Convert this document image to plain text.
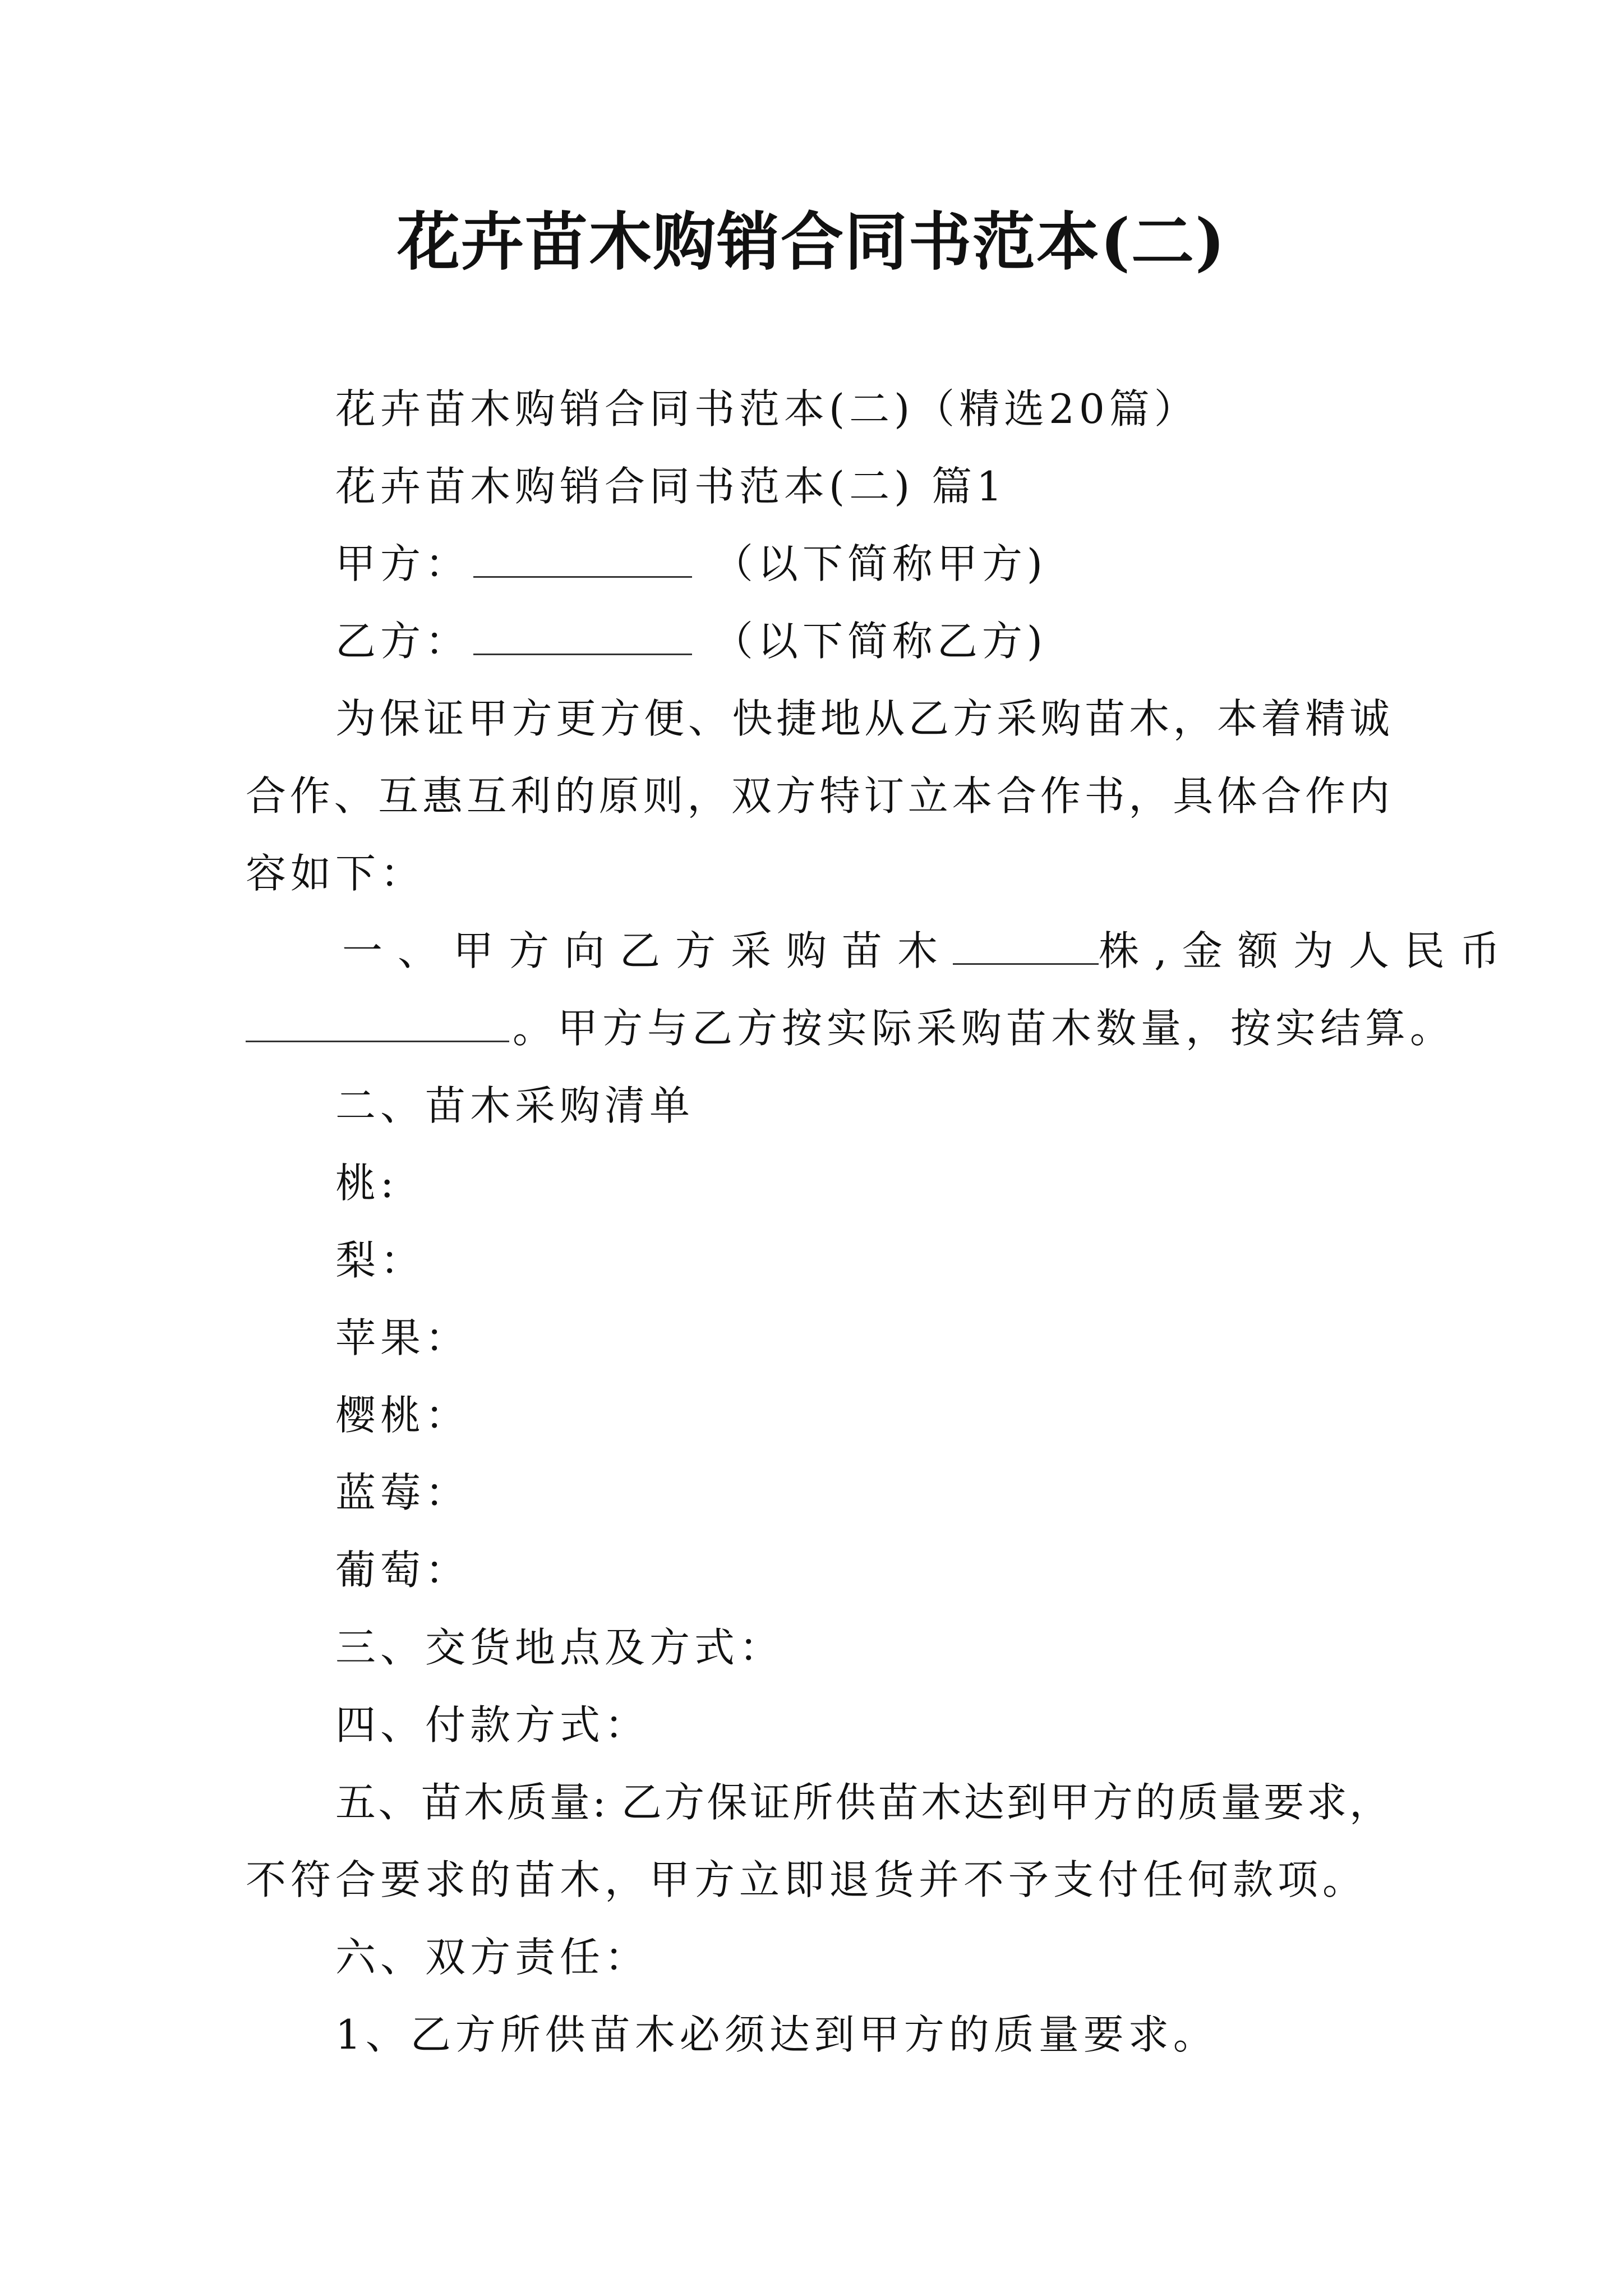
花卉苗木购销合同书范本(二)
花卉苗木购销合同书范本(二)（精选20篇）
花卉苗木购销合同书范本(二) 篇1
甲方：	（以下简称甲方)
乙方：	（以下简称乙方)
为保证甲方更方便、快捷地从乙方采购苗木，本着精诚
合作、互惠互利的原则，双方特订立本合作书，具体合作内
容如下：
一、甲方向乙方采购苗木	株,金额为人民币
。甲方与乙方按实际采购苗木数量，按实结算。
二、苗木采购清单
桃:
梨：
苹果：
樱桃：
蓝莓：
葡萄：
三、交货地点及方式：
四、付款方式：
五、苗木质量: 乙方保证所供苗木达到甲方的质量要求，
不符合要求的苗木，甲方立即退货并不予支付任何款项。
六、双方责任：
1、乙方所供苗木必须达到甲方的质量要求。
